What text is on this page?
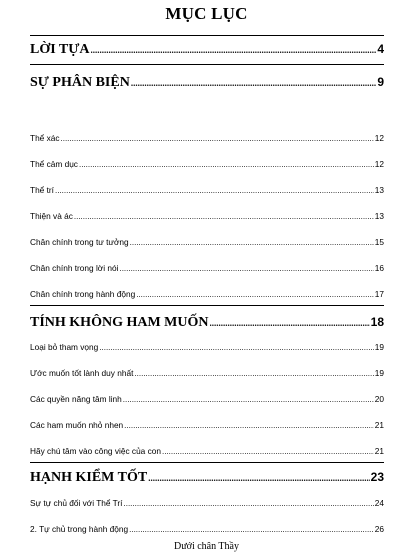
MỤC LỤC
LỜI TỰA .....	4
SỰ PHÂN BIỆN .....	9
Thể xác .....	12
Thể cảm dục .....	12
Thể trí .....	13
Thiện và ác .....	13
Chân chính trong tư tưởng .....	15
Chân chính trong lời nói .....	16
Chân chính trong hành động .....	17
TÍNH KHÔNG HAM MUỐN .....	18
Loại bỏ tham vọng .....	19
Ước muốn tốt lành duy nhất .....	19
Các quyền năng tâm linh .....	20
Các ham muốn nhỏ nhen .....	21
Hãy chú tâm vào công việc của con .....	21
HẠNH KIỂM TỐT .....	23
Sự tự chủ đối với Thể Trí .....	24
2. Tự chủ trong hành động .....	26
Dưới chân Thầy
